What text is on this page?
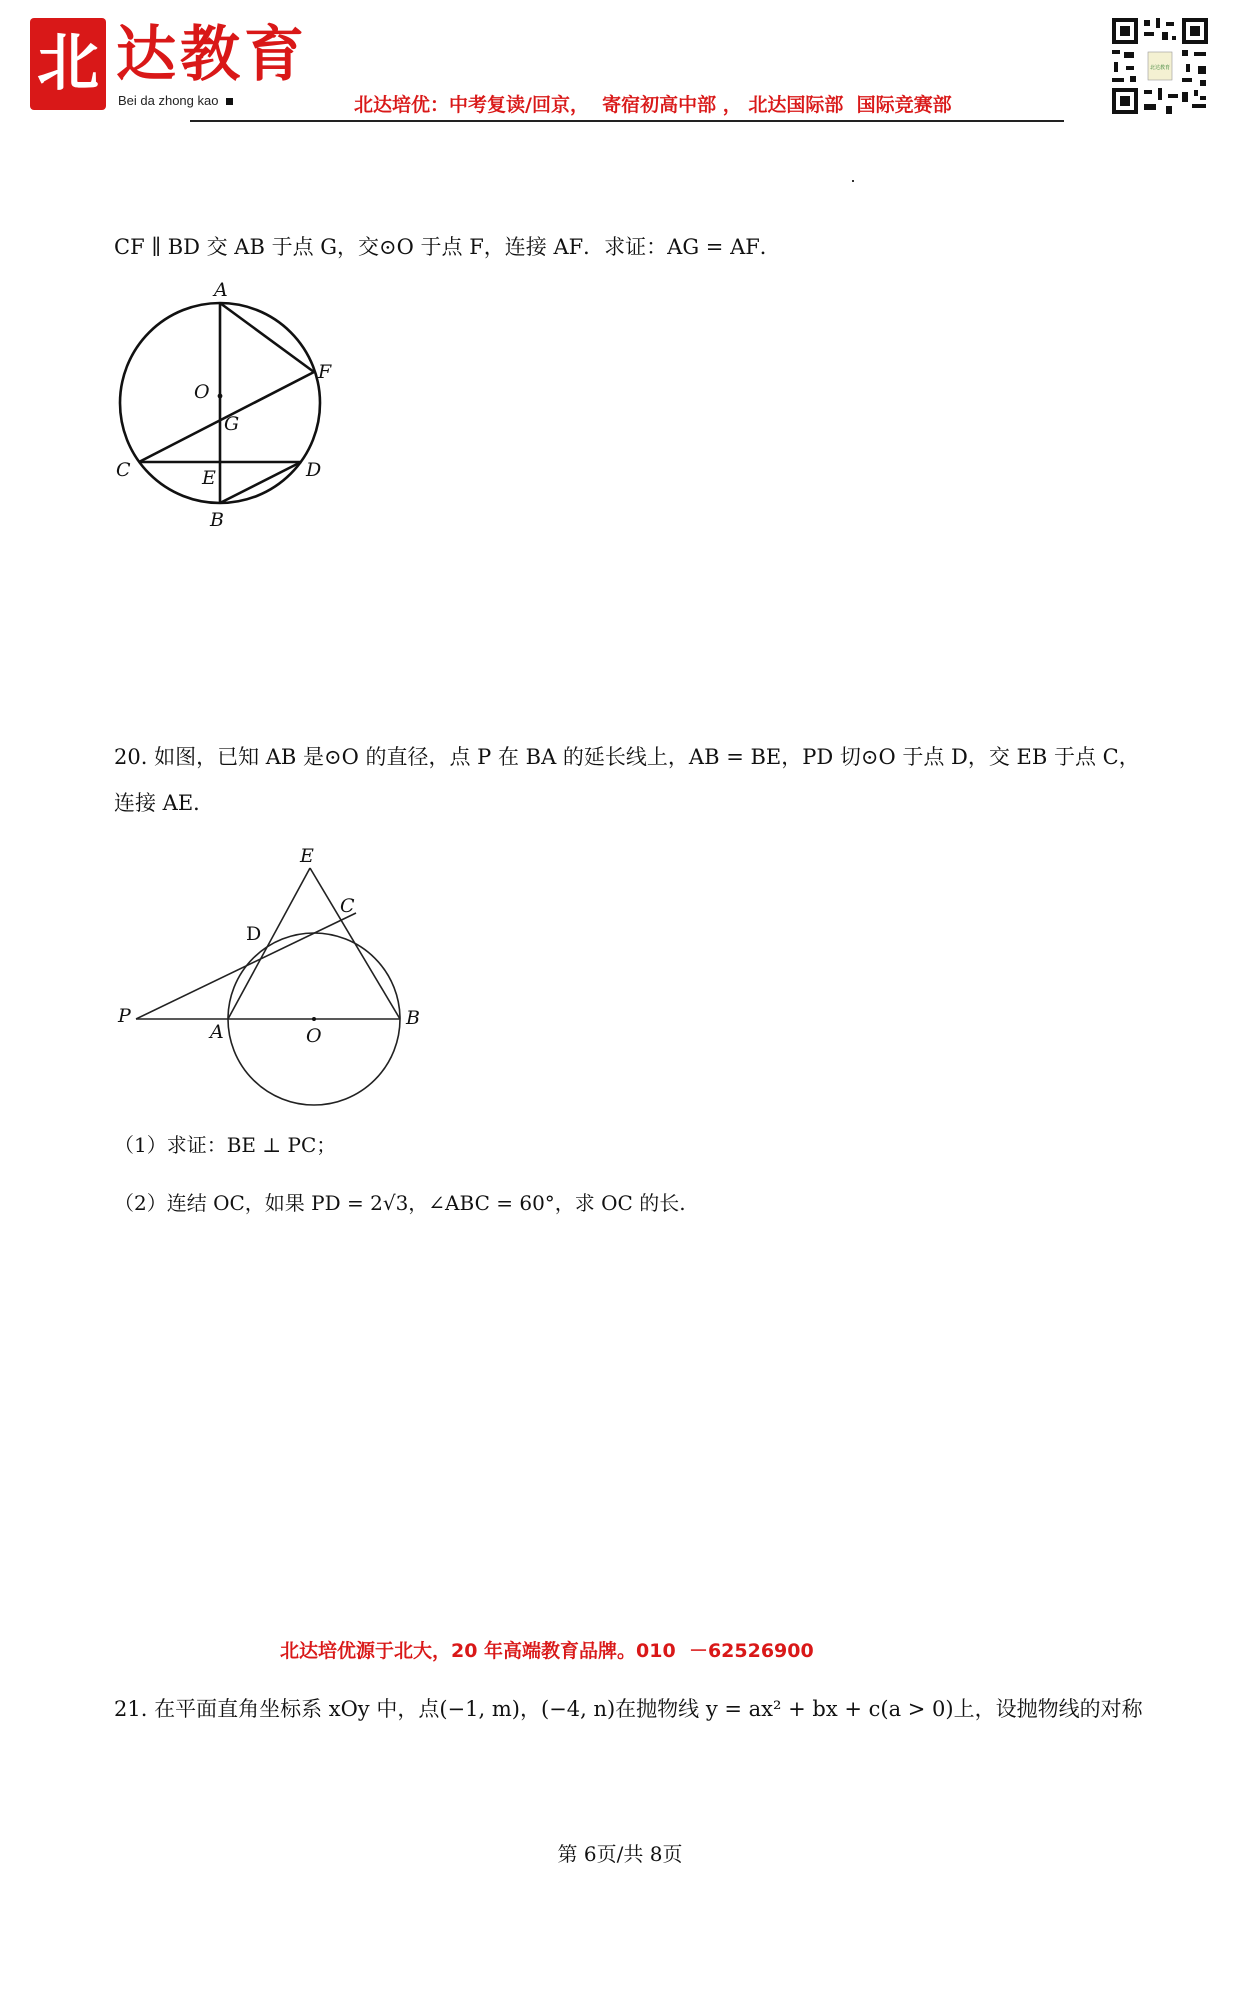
北 达教育
Bei da zhong kao	北达培优：中考复读/回京，  寄宿初高中部 ， 北达国际部  国际竞赛部
北达教育
CF ∥ BD 交 AB 于点 G，交⊙O 于点 F，连接 AF．求证：AG = AF．
A
F
O
G
C	D
E
B
20. 如图，已知 AB 是⊙O 的直径，点 P 在 BA 的延长线上，AB = BE，PD 切⊙O 于点 D，交 EB 于点 C，
连接 AE．
E
C
D
P
A	O
B
（1）求证：BE ⊥ PC；
（2）连结 OC，如果 PD = 2√3，∠ABC = 60°，求 OC 的长.
北达培优源于北大，20 年高端教育品牌。010  －62526900
21. 在平面直角坐标系 xOy 中，点(−1, m)，(−4, n)在抛物线 y = ax² + bx + c(a > 0)上，设抛物线的对称
第 6页/共 8页
